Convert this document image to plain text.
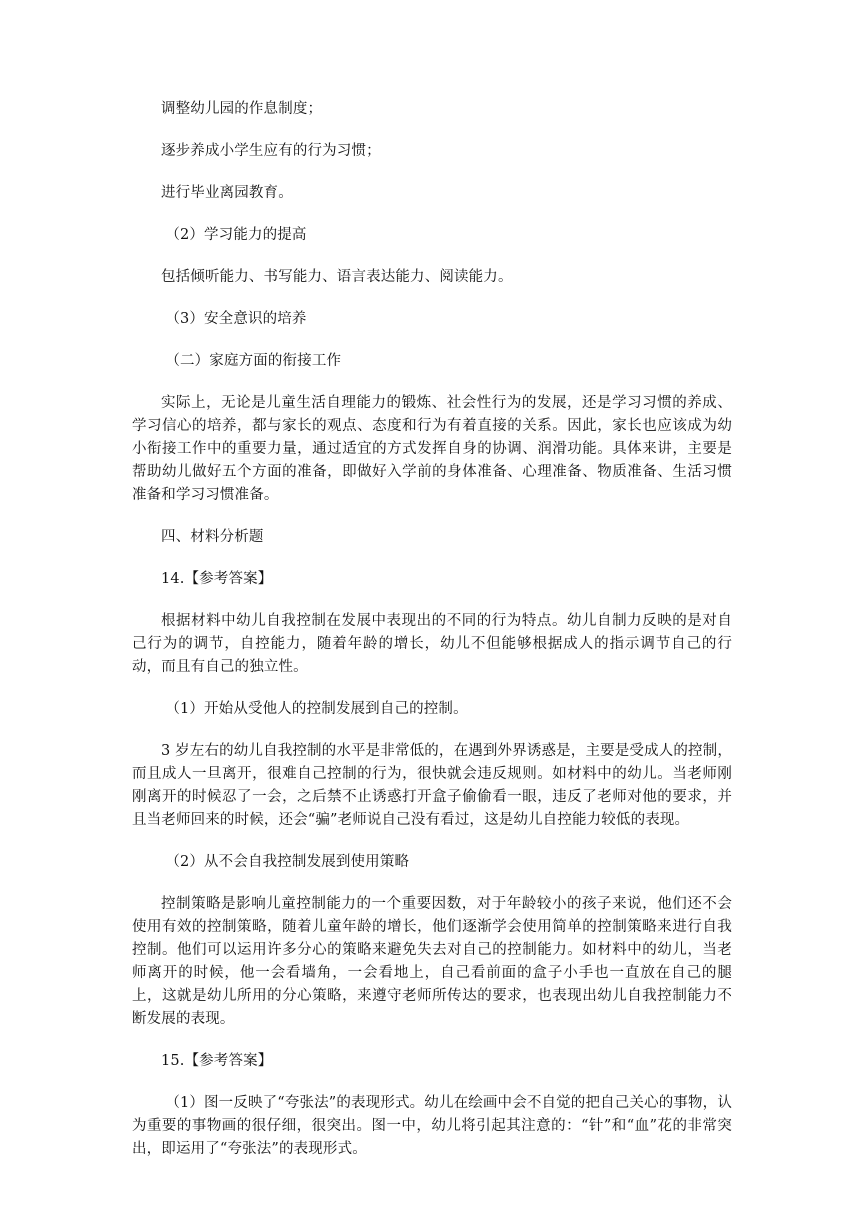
调整幼儿园的作息制度；

逐步养成小学生应有的行为习惯；

进行毕业离园教育。

（2）学习能力的提高

包括倾听能力、书写能力、语言表达能力、阅读能力。

（3）安全意识的培养

（二）家庭方面的衔接工作

实际上，无论是儿童生活自理能力的锻炼、社会性行为的发展，还是学习习惯的养成、学习信心的培养，都与家长的观点、态度和行为有着直接的关系。因此，家长也应该成为幼小衔接工作中的重要力量，通过适宜的方式发挥自身的协调、润滑功能。具体来讲，主要是帮助幼儿做好五个方面的准备，即做好入学前的身体准备、心理准备、物质准备、生活习惯准备和学习习惯准备。

四、材料分析题

14.【参考答案】

根据材料中幼儿自我控制在发展中表现出的不同的行为特点。幼儿自制力反映的是对自己行为的调节，自控能力，随着年龄的增长，幼儿不但能够根据成人的指示调节自己的行动，而且有自己的独立性。

（1）开始从受他人的控制发展到自己的控制。

3 岁左右的幼儿自我控制的水平是非常低的，在遇到外界诱惑是，主要是受成人的控制，而且成人一旦离开，很难自己控制的行为，很快就会违反规则。如材料中的幼儿。当老师刚刚离开的时候忍了一会，之后禁不止诱惑打开盒子偷偷看一眼，违反了老师对他的要求，并且当老师回来的时候，还会“骗”老师说自己没有看过，这是幼儿自控能力较低的表现。

（2）从不会自我控制发展到使用策略

控制策略是影响儿童控制能力的一个重要因数，对于年龄较小的孩子来说，他们还不会使用有效的控制策略，随着儿童年龄的增长，他们逐渐学会使用简单的控制策略来进行自我控制。他们可以运用许多分心的策略来避免失去对自己的控制能力。如材料中的幼儿，当老师离开的时候，他一会看墙角，一会看地上，自己看前面的盒子小手也一直放在自己的腿上，这就是幼儿所用的分心策略，来遵守老师所传达的要求，也表现出幼儿自我控制能力不断发展的表现。

15.【参考答案】

（1）图一反映了“夸张法”的表现形式。幼儿在绘画中会不自觉的把自己关心的事物，认为重要的事物画的很仔细，很突出。图一中，幼儿将引起其注意的：“针”和“血”花的非常突出，即运用了“夸张法”的表现形式。
